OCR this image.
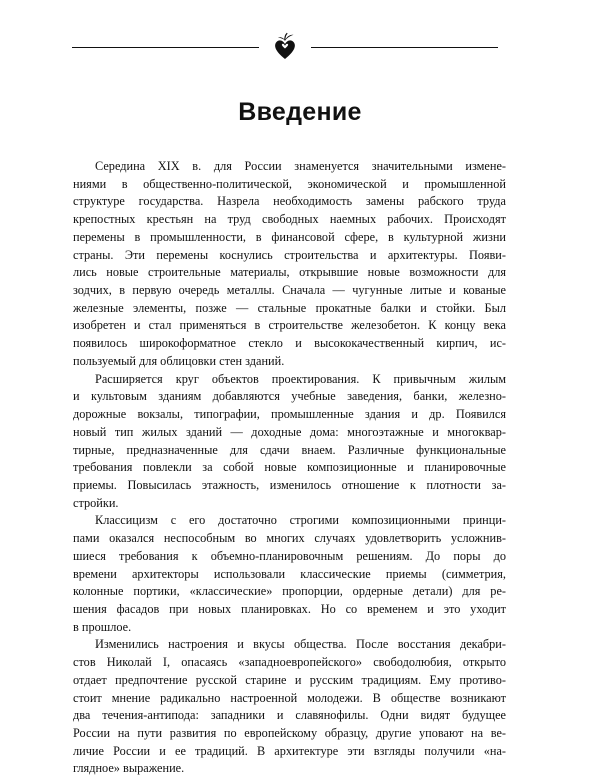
Введение
Середина XIX в. для России знаменуется значительными измене-
ниями в общественно-политической, экономической и промышленной
структуре государства. Назрела необходимость замены рабского труда
крепостных крестьян на труд свободных наемных рабочих. Происходят
перемены в промышленности, в финансовой сфере, в культурной жизни
страны. Эти перемены коснулись строительства и архитектуры. Появи-
лись новые строительные материалы, открывшие новые возможности для
зодчих, в первую очередь металлы. Сначала — чугунные литые и кованые
железные элементы, позже — стальные прокатные балки и стойки. Был
изобретен и стал применяться в строительстве железобетон. К концу века
появилось широкоформатное стекло и высококачественный кирпич, ис-
пользуемый для облицовки стен зданий.
Расширяется круг объектов проектирования. К привычным жилым
и культовым зданиям добавляются учебные заведения, банки, железно-
дорожные вокзалы, типографии, промышленные здания и др. Появился
новый тип жилых зданий — доходные дома: многоэтажные и многоквар-
тирные, предназначенные для сдачи внаем. Различные функциональные
требования повлекли за собой новые композиционные и планировочные
приемы. Повысилась этажность, изменилось отношение к плотности за-
стройки.
Классицизм с его достаточно строгими композиционными принци-
пами оказался неспособным во многих случаях удовлетворить усложнив-
шиеся требования к объемно-планировочным решениям. До поры до
времени архитекторы использовали классические приемы (симметрия,
колонные портики, «классические» пропорции, ордерные детали) для ре-
шения фасадов при новых планировках. Но со временем и это уходит
в прошлое.
Изменились настроения и вкусы общества. После восстания декабри-
стов Николай I, опасаясь «западноевропейского» свободолюбия, открыто
отдает предпочтение русской старине и русским традициям. Ему противо-
стоит мнение радикально настроенной молодежи. В обществе возникают
два течения-антипода: западники и славянофилы. Одни видят будущее
России на пути развития по европейскому образцу, другие уповают на ве-
личие России и ее традиций. В архитектуре эти взгляды получили «на-
глядное» выражение.
